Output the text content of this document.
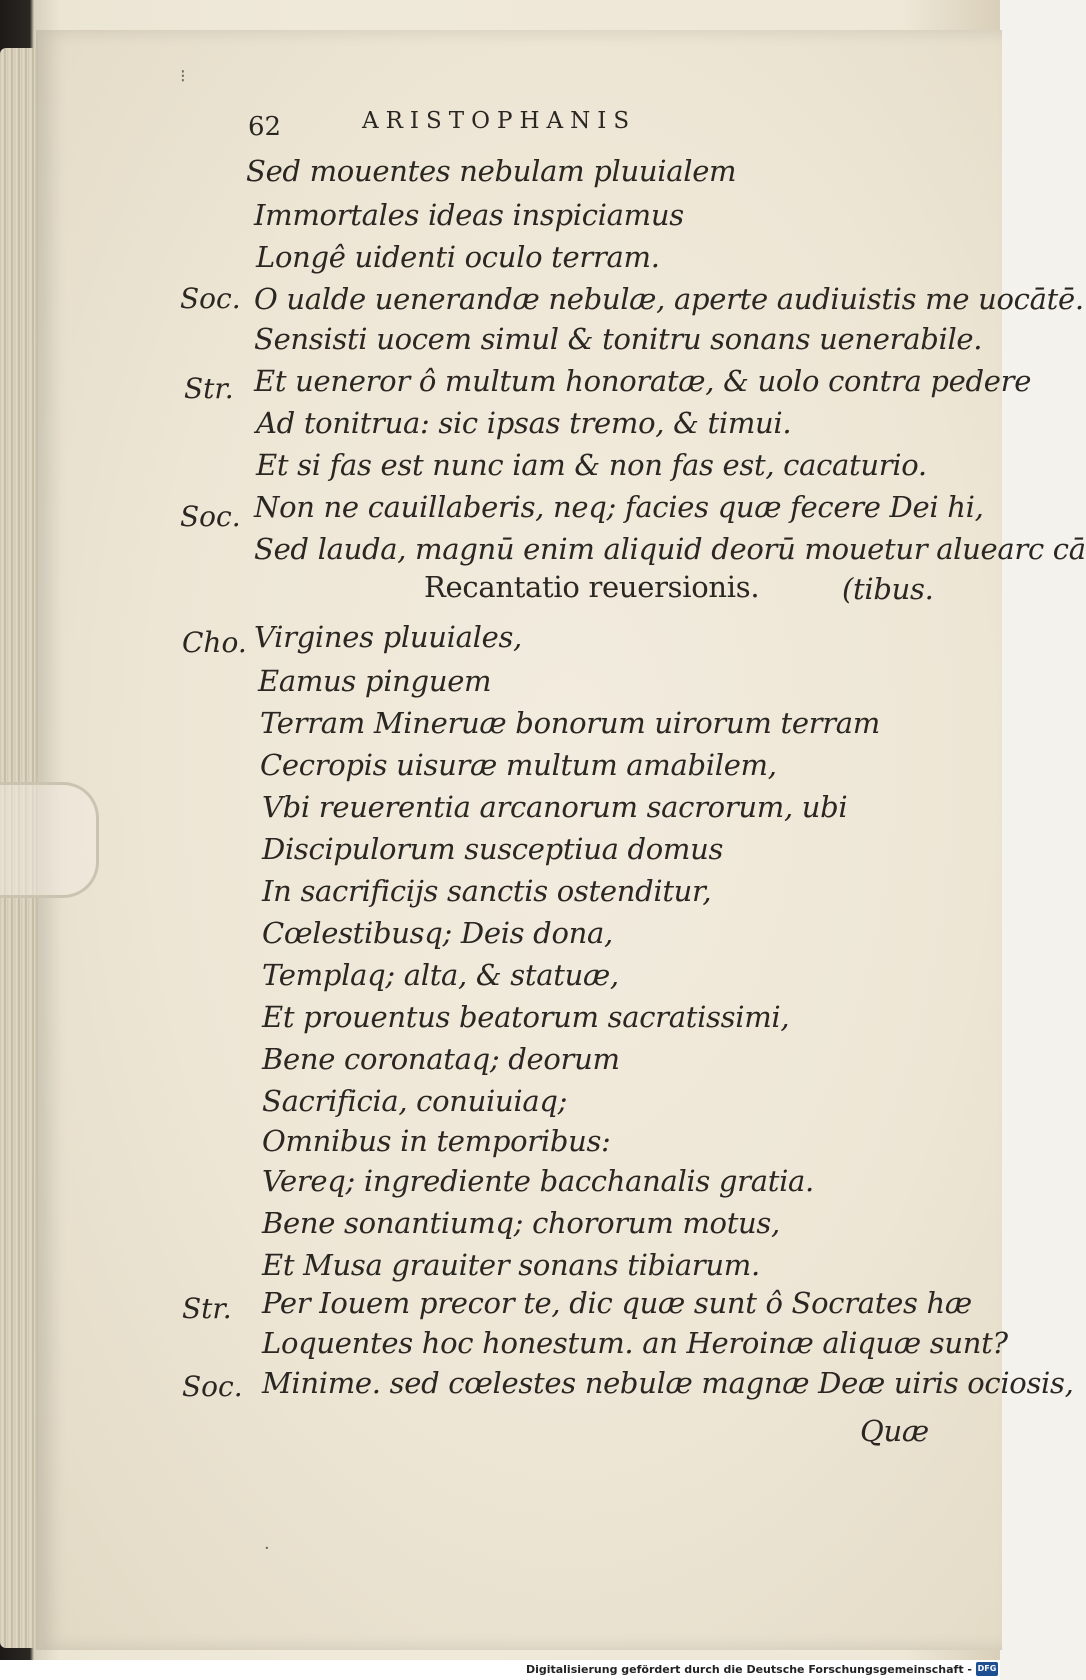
⁝
62	ARISTOPHANIS
Sed mouentes nebulam pluuialem
Immortales ideas inspiciamus
Longê uidenti oculo terram.
Soc. O ualde uenerandæ nebulæ, aperte audiuistis me uocātē.
Sensisti uocem simul & tonitru sonans uenerabile.
Str. Et ueneror ô multum honoratæ, & uolo contra pedere
Ad tonitrua: sic ipsas tremo, & timui.
Et si fas est nunc iam & non fas est, cacaturio.
Soc. Non ne cauillaberis, neq; facies quæ fecere Dei hi,
Sed lauda, magnū enim aliquid deorū mouetur aluearc cā
Recantatio reuersionis.	(tibus.
Cho. Virgines pluuiales,
Eamus pinguem
Terram Mineruæ bonorum uirorum terram
Cecropis uisuræ multum amabilem,
Vbi reuerentia arcanorum sacrorum, ubi
Discipulorum susceptiua domus
In sacrificijs sanctis ostenditur,
Cœlestibusq; Deis dona,
Templaq; alta, & statuæ,
Et prouentus beatorum sacratissimi,
Bene coronataq; deorum
Sacrificia, conuiuiaq;
Omnibus in temporibus:
Vereq; ingrediente bacchanalis gratia.
Bene sonantiumq; chororum motus,
Et Musa grauiter sonans tibiarum.
Str. Per Iouem precor te, dic quæ sunt ô Socrates hæ
Loquentes hoc honestum. an Heroinæ aliquæ sunt?
Soc. Minime. sed cœlestes nebulæ magnæ Deæ uiris ociosis,
Quæ
·
Digitalisierung gefördert durch die Deutsche Forschungsgemeinschaft - DFG
